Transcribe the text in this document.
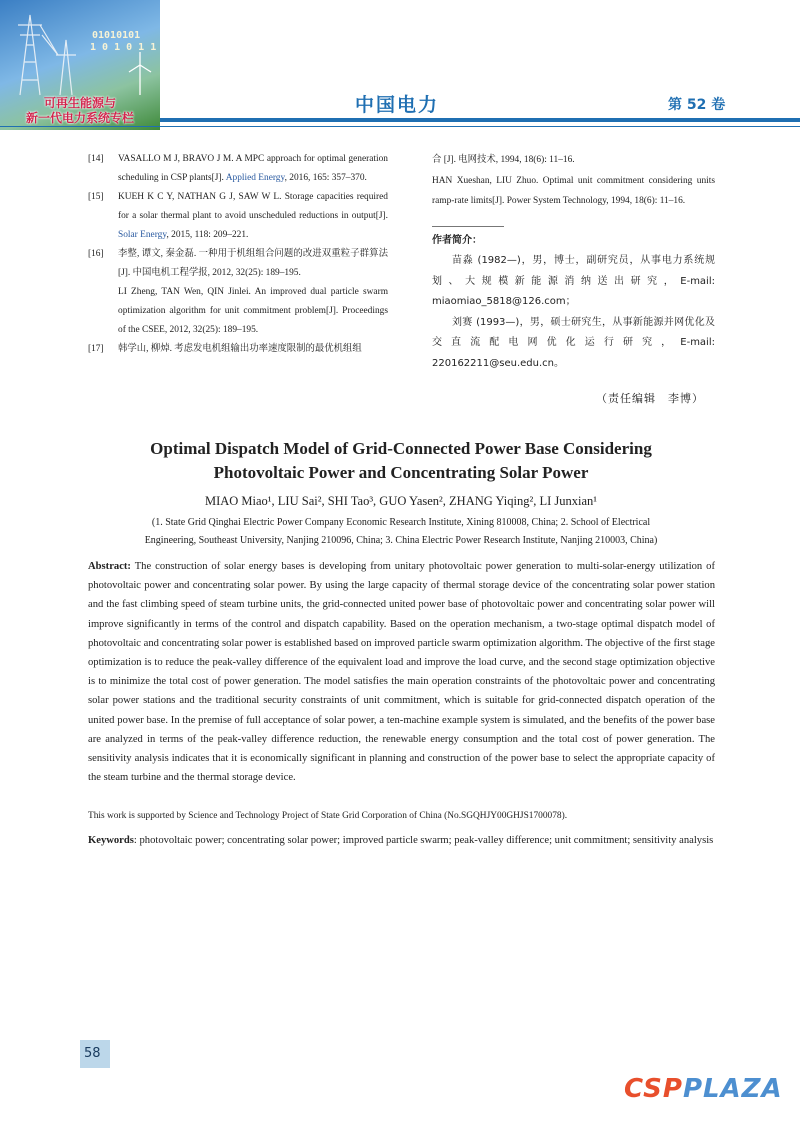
01010101
1 0 1 0 1 1
可再生能源与
新一代电力系统专栏
中国电力	第 52 卷
[14] VASALLO M J, BRAVO J M. A MPC approach for optimal generation scheduling in CSP plants[J]. Applied Energy, 2016, 165: 357–370.

[15] KUEH K C Y, NATHAN G J, SAW W L. Storage capacities required for a solar thermal plant to avoid unscheduled reductions in output[J]. Solar Energy, 2015, 118: 209–221.

[16] 李整, 谭文, 秦金磊. 一种用于机组组合问题的改进双重粒子群算法 [J]. 中国电机工程学报, 2012, 32(25): 189–195.

LI Zheng, TAN Wen, QIN Jinlei. An improved dual particle swarm optimization algorithm for unit commitment problem[J]. Proceedings of the CSEE, 2012, 32(25): 189–195.

[17] 韩学山, 柳焯. 考虑发电机组输出功率速度限制的最优机组组

合 [J]. 电网技术, 1994, 18(6): 11–16.

HAN Xueshan, LIU Zhuo. Optimal unit commitment considering units ramp-rate limits[J]. Power System Technology, 1994, 18(6): 11–16.

作者简介：

苗淼 (1982—)，男，博士，副研究员，从事电力系统规划、大规模新能源消纳送出研究，E-mail: miaomiao_5818@126.com；

刘赛 (1993—)，男，硕士研究生，从事新能源并网优化及交直流配电网优化运行研究，E-mail: 220162211@seu.edu.cn。

（责任编辑　李博）
Optimal Dispatch Model of Grid-Connected Power Base Considering
Photovoltaic Power and Concentrating Solar Power

MIAO Miao¹, LIU Sai², SHI Tao³, GUO Yasen², ZHANG Yiqing², LI Junxian¹

(1. State Grid Qinghai Electric Power Company Economic Research Institute, Xining 810008, China; 2. School of Electrical
Engineering, Southeast University, Nanjing 210096, China; 3. China Electric Power Research Institute, Nanjing 210003, China)

Abstract: The construction of solar energy bases is developing from unitary photovoltaic power generation to multi-solar-energy utilization of photovoltaic power and concentrating solar power. By using the large capacity of thermal storage device of the concentrating solar power station and the fast climbing speed of steam turbine units, the grid-connected united power base of photovoltaic power and concentrating solar power will improve significantly in terms of the control and dispatch capability. Based on the operation mechanism, a two-stage optimal dispatch model of photovoltaic and concentrating solar power is established based on improved particle swarm optimization algorithm. The objective of the first stage optimization is to reduce the peak-valley difference of the equivalent load and improve the load curve, and the second stage optimization objective is to minimize the total cost of power generation. The model satisfies the main operation constraints of the photovoltaic power and concentrating solar power stations and the traditional security constraints of unit commitment, which is suitable for grid-connected dispatch operation of the united power base. In the premise of full acceptance of solar power, a ten-machine example system is simulated, and the benefits of the power base are analyzed in terms of the peak-valley difference reduction, the renewable energy consumption and the total cost of power generation. The sensitivity analysis indicates that it is economically significant in planning and construction of the power base to select the appropriate capacity of the steam turbine and the thermal storage device.

This work is supported by Science and Technology Project of State Grid Corporation of China (No.SGQHJY00GHJS1700078).

Keywords: photovoltaic power; concentrating solar power; improved particle swarm; peak-valley difference; unit commitment; sensitivity analysis

58
CSPPLAZA
